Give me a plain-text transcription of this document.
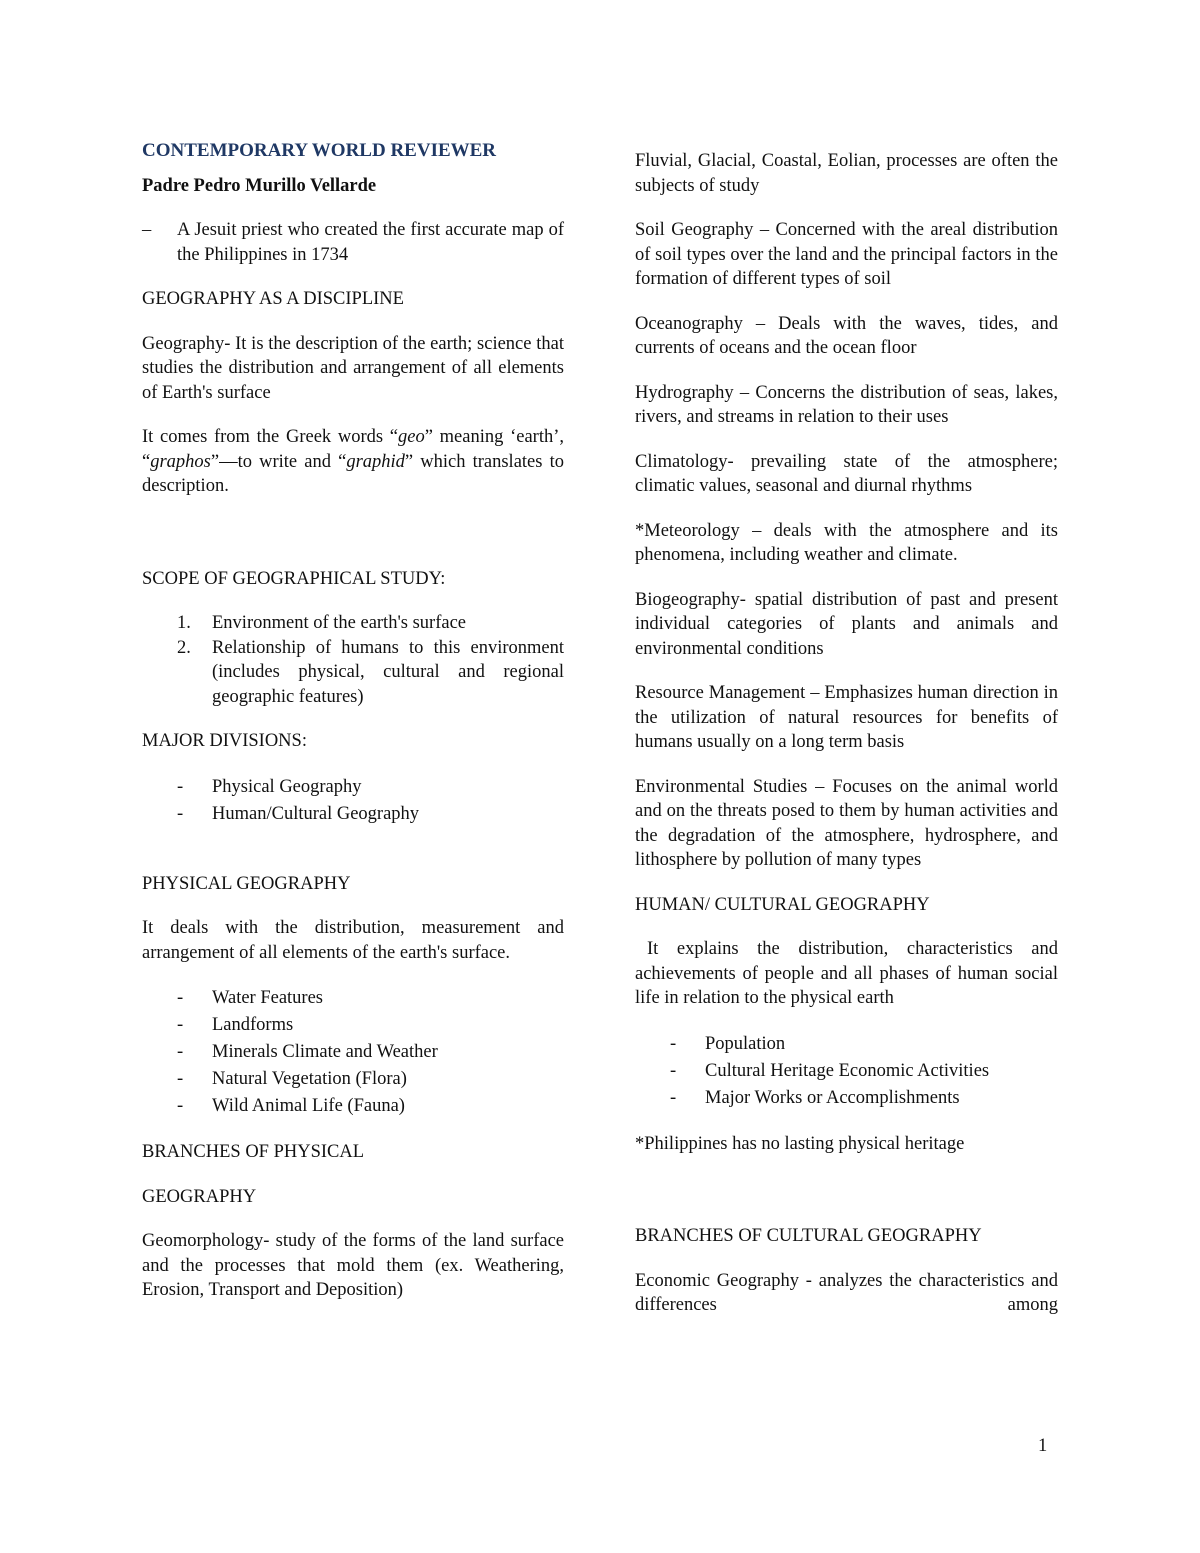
CONTEMPORARY WORLD REVIEWER
Padre Pedro Murillo Vellarde
– A Jesuit priest who created the first accurate map of the Philippines in 1734
GEOGRAPHY AS A DISCIPLINE

Geography- It is the description of the earth; science that studies the distribution and arrangement of all elements of Earth's surface

It comes from the Greek words “geo” meaning ‘earth’, “graphos”—to write and “graphid” which translates to description.

SCOPE OF GEOGRAPHICAL STUDY:
1. Environment of the earth's surface
2. Relationship of humans to this environment (includes physical, cultural and regional geographic features)
MAJOR DIVISIONS:
- Physical Geography
- Human/Cultural Geography
PHYSICAL GEOGRAPHY

It deals with the distribution, measurement and arrangement of all elements of the earth's surface.

- Water Features
- Landforms
- Minerals Climate and Weather
- Natural Vegetation (Flora)
- Wild Animal Life (Fauna)
BRANCHES OF PHYSICAL
GEOGRAPHY

Geomorphology- study of the forms of the land surface and the processes that mold them (ex. Weathering, Erosion, Transport and Deposition)

Fluvial, Glacial, Coastal, Eolian, processes are often the subjects of study

Soil Geography – Concerned with the areal distribution of soil types over the land and the principal factors in the formation of different types of soil

Oceanography – Deals with the waves, tides, and currents of oceans and the ocean floor

Hydrography – Concerns the distribution of seas, lakes, rivers, and streams in relation to their uses

Climatology- prevailing state of the atmosphere; climatic values, seasonal and diurnal rhythms

*Meteorology – deals with the atmosphere and its phenomena, including weather and climate.

Biogeography- spatial distribution of past and present individual categories of plants and animals and environmental conditions

Resource Management – Emphasizes human direction in the utilization of natural resources for benefits of humans usually on a long term basis

Environmental Studies – Focuses on the animal world and on the threats posed to them by human activities and the degradation of the atmosphere, hydrosphere, and lithosphere by pollution of many types

HUMAN/ CULTURAL GEOGRAPHY

It explains the distribution, characteristics and achievements of people and all phases of human social life in relation to the physical earth

- Population
- Cultural Heritage Economic Activities
- Major Works or Accomplishments

*Philippines has no lasting physical heritage

BRANCHES OF CULTURAL GEOGRAPHY

Economic Geography - analyzes the characteristics and differences among

1
